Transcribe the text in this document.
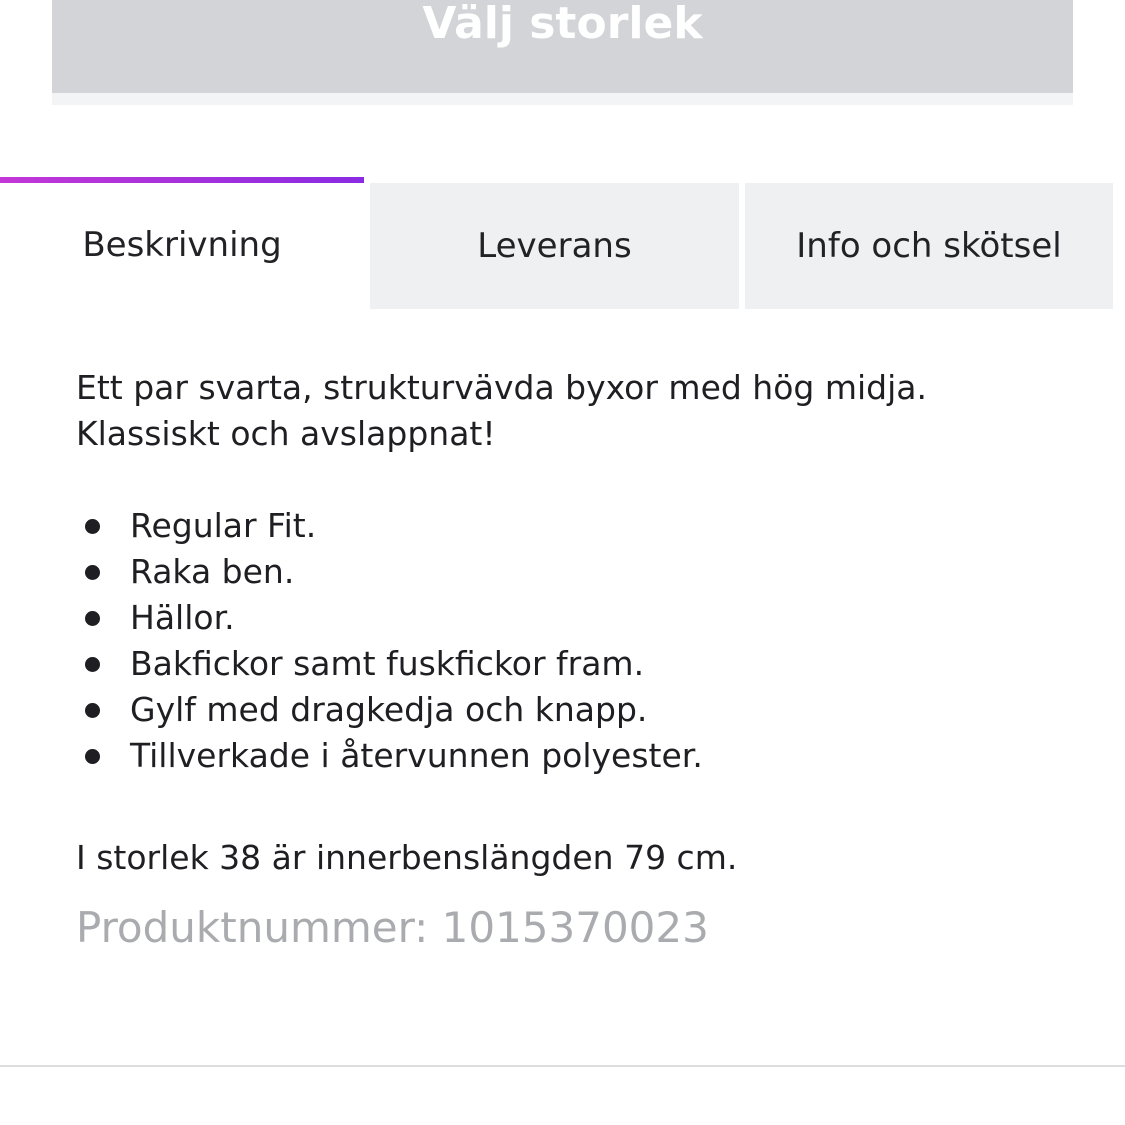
Välj storlek
Beskrivning	Leverans	Info och skötsel

Ett par svarta, strukturvävda byxor med hög midja.

Klassiskt och avslappnat!

Regular Fit.
Raka ben.
Hällor.
Bakfickor samt fuskfickor fram.
Gylf med dragkedja och knapp.
Tillverkade i återvunnen polyester.
I storlek 38 är innerbenslängden 79 cm.
Produktnummer: 1015370023
